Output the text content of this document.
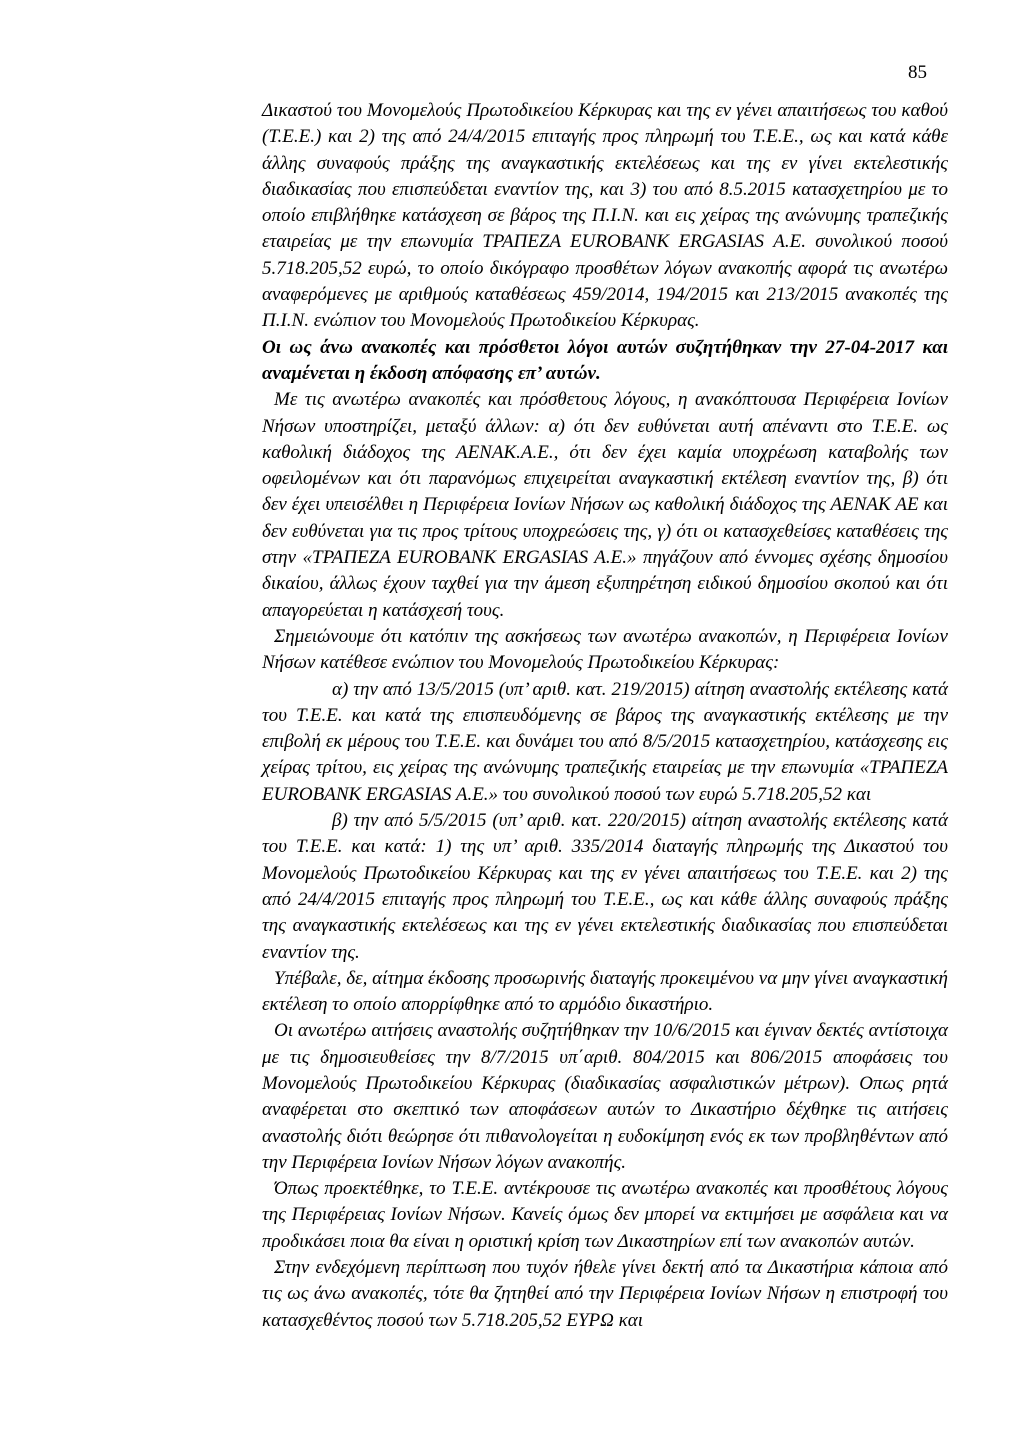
85

Δικαστού του Μονομελούς Πρωτοδικείου Κέρκυρας και της εν γένει απαιτήσεως του καθού (Τ.Ε.Ε.) και 2) της από 24/4/2015 επιταγής προς πληρωμή του Τ.Ε.Ε., ως και κατά κάθε άλλης συναφούς πράξης της αναγκαστικής εκτελέσεως και της εν γίνει εκτελεστικής διαδικασίας που επισπεύδεται εναντίον της, και 3) του από 8.5.2015 κατασχετηρίου με το οποίο επιβλήθηκε κατάσχεση σε βάρος της Π.Ι.Ν. και εις χείρας της ανώνυμης τραπεζικής εταιρείας με την επωνυμία ΤΡΑΠΕΖΑ EUROBANK ERGASIAS Α.Ε. συνολικού ποσού 5.718.205,52 ευρώ, το οποίο δικόγραφο προσθέτων λόγων ανακοπής αφορά τις ανωτέρω αναφερόμενες με αριθμούς καταθέσεως 459/2014, 194/2015 και 213/2015 ανακοπές της Π.Ι.Ν. ενώπιον του Μονομελούς Πρωτοδικείου Κέρκυρας.

Οι ως άνω ανακοπές και πρόσθετοι λόγοι αυτών συζητήθηκαν την 27-04-2017 και αναμένεται η έκδοση απόφασης επ’ αυτών.

Με τις ανωτέρω ανακοπές και πρόσθετους λόγους, η ανακόπτουσα Περιφέρεια Ιονίων Νήσων υποστηρίζει, μεταξύ άλλων: α) ότι δεν ευθύνεται αυτή απέναντι στο Τ.Ε.Ε. ως καθολική διάδοχος της ΑΕΝΑΚ.Α.Ε., ότι δεν έχει καμία υποχρέωση καταβολής των οφειλομένων και ότι παρανόμως επιχειρείται αναγκαστική εκτέλεση εναντίον της, β) ότι δεν έχει υπεισέλθει η Περιφέρεια Ιονίων Νήσων ως καθολική διάδοχος της ΑΕΝΑΚ ΑΕ και δεν ευθύνεται για τις προς τρίτους υποχρεώσεις της, γ) ότι οι κατασχεθείσες καταθέσεις της στην «ΤΡΑΠΕΖΑ EUROBANK ERGASIAS A.E.» πηγάζουν από έννομες σχέσης δημοσίου δικαίου, άλλως έχουν ταχθεί για την άμεση εξυπηρέτηση ειδικού δημοσίου σκοπού και ότι απαγορεύεται η κατάσχεσή τους.

Σημειώνουμε ότι κατόπιν της ασκήσεως των ανωτέρω ανακοπών, η Περιφέρεια Ιονίων Νήσων κατέθεσε ενώπιον του Μονομελούς Πρωτοδικείου Κέρκυρας:

α) την από 13/5/2015 (υπ’ αριθ. κατ. 219/2015) αίτηση αναστολής εκτέλεσης κατά του Τ.Ε.Ε. και κατά της επισπευδόμενης σε βάρος της αναγκαστικής εκτέλεσης με την επιβολή εκ μέρους του Τ.Ε.Ε. και δυνάμει του από 8/5/2015 κατασχετηρίου, κατάσχεσης εις χείρας τρίτου, εις χείρας της ανώνυμης τραπεζικής εταιρείας με την επωνυμία «ΤΡΑΠΕΖΑ EUROBANK ERGASIAS A.E.» του συνολικού ποσού των ευρώ 5.718.205,52 και

β) την από 5/5/2015 (υπ’ αριθ. κατ. 220/2015) αίτηση αναστολής εκτέλεσης κατά του Τ.Ε.Ε. και κατά: 1) της υπ’ αριθ. 335/2014 διαταγής πληρωμής της Δικαστού του Μονομελούς Πρωτοδικείου Κέρκυρας και της εν γένει απαιτήσεως του Τ.Ε.Ε. και 2) της από 24/4/2015 επιταγής προς πληρωμή του Τ.Ε.Ε., ως και κάθε άλλης συναφούς πράξης της αναγκαστικής εκτελέσεως και της εν γένει εκτελεστικής διαδικασίας που επισπεύδεται εναντίον της.

Υπέβαλε, δε, αίτημα έκδοσης προσωρινής διαταγής προκειμένου να μην γίνει αναγκαστική εκτέλεση το οποίο απορρίφθηκε από το αρμόδιο δικαστήριο.

Οι ανωτέρω αιτήσεις αναστολής συζητήθηκαν την 10/6/2015 και έγιναν δεκτές αντίστοιχα με τις δημοσιευθείσες την 8/7/2015 υπ΄αριθ. 804/2015 και 806/2015 αποφάσεις του Μονομελούς Πρωτοδικείου Κέρκυρας (διαδικασίας ασφαλιστικών μέτρων). Οπως ρητά αναφέρεται στο σκεπτικό των αποφάσεων αυτών το Δικαστήριο δέχθηκε τις αιτήσεις αναστολής διότι θεώρησε ότι πιθανολογείται η ευδοκίμηση ενός εκ των προβληθέντων από την Περιφέρεια Ιονίων Νήσων λόγων ανακοπής.

Όπως προεκτέθηκε, το Τ.Ε.Ε. αντέκρουσε τις ανωτέρω ανακοπές και προσθέτους λόγους της Περιφέρειας Ιονίων Νήσων. Κανείς όμως δεν μπορεί να εκτιμήσει με ασφάλεια και να προδικάσει ποια θα είναι η οριστική κρίση των Δικαστηρίων επί των ανακοπών αυτών.

Στην ενδεχόμενη περίπτωση που τυχόν ήθελε γίνει δεκτή από τα Δικαστήρια κάποια από τις ως άνω ανακοπές, τότε θα ζητηθεί από την Περιφέρεια Ιονίων Νήσων η επιστροφή του κατασχεθέντος ποσού των 5.718.205,52 ΕΥΡΩ και
